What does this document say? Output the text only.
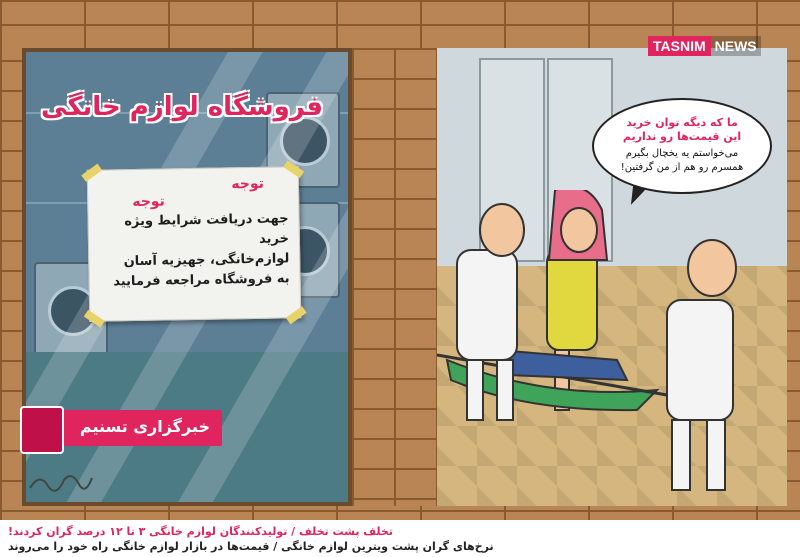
فروشگاه لوازم خانگی
توجه
توجه
جهت دریافت شرایط ویژه خرید
لوازم‌خانگی، جهیزیه آسان
به فروشگاه مراجعه فرمایید
ما که دیگه توان خرید
این قیمت‌ها رو نداریم
می‌خواستم یه یخچال بگیرم
همسرم رو هم از من گرفتین!
TASNIM NEWS
خبرگزاری تسنیم
تخلف پشت تخلف / تولیدکنندگان لوازم خانگی ۳ تا ۱۲ درصد گران کردند!
نرخ‌های گران پشت ویترین لوازم خانگی / قیمت‌ها در بازار لوازم خانگی راه خود را می‌روند
